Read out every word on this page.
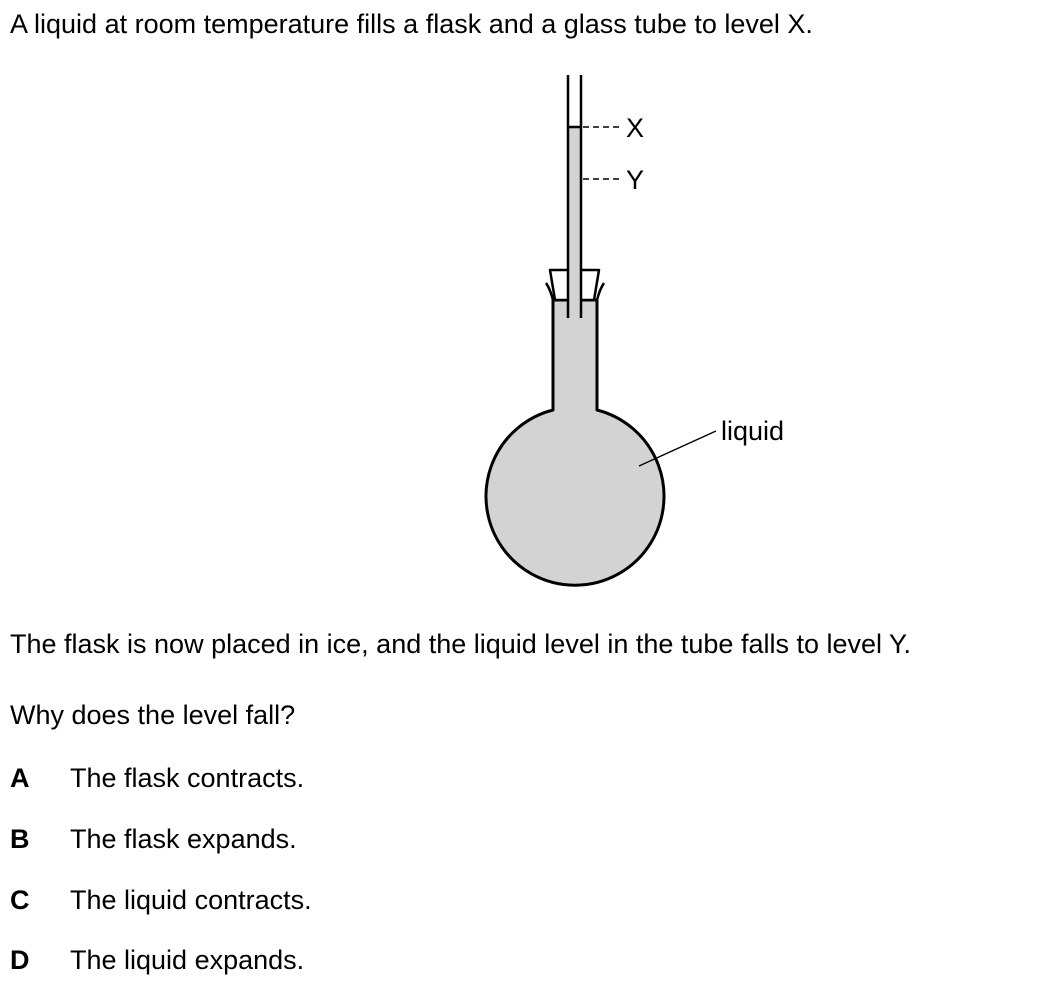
A liquid at room temperature fills a flask and a glass tube to level X.

X
Y
liquid

The flask is now placed in ice, and the liquid level in the tube falls to level Y.

Why does the level fall?

A The flask contracts.
B The flask expands.
C The liquid contracts.
D The liquid expands.
